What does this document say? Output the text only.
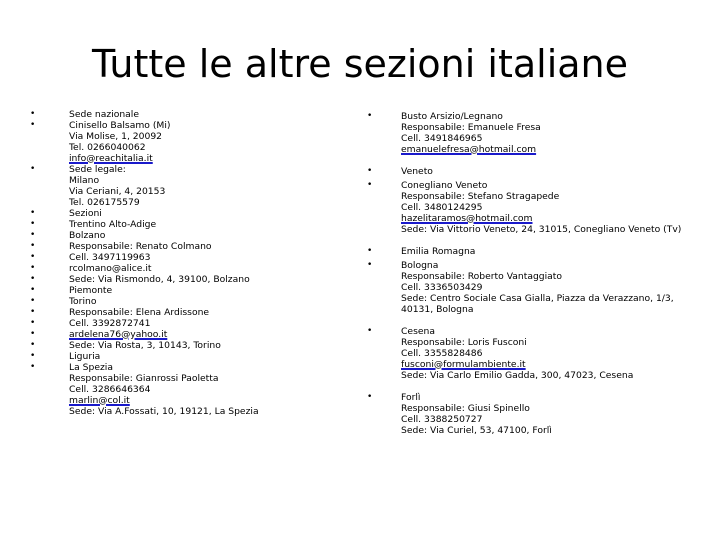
Tutte le altre sezioni italiane
•	Sede nazionale
•	Cinisello Balsamo (Mi)
Via Molise, 1, 20092
Tel. 0266040062
info@reachitalia.it
•	Sede legale:
Milano
Via Ceriani, 4, 20153
Tel. 026175579
•	Sezioni
•	Trentino Alto-Adige
•	Bolzano
•	Responsabile: Renato Colmano
•	Cell. 3497119963
•	rcolmano@alice.it
•	Sede: Via Rismondo, 4, 39100, Bolzano
•	Piemonte
•	Torino
•	Responsabile: Elena Ardissone
•	Cell. 3392872741
•	ardelena76@yahoo.it
•	Sede: Via Rosta, 3, 10143, Torino
•	Liguria
•	La Spezia
Responsabile: Gianrossi Paoletta
Cell. 3286646364
marlin@col.it
Sede: Via A.Fossati, 10, 19121, La Spezia
•	Busto Arsizio/Legnano
Responsabile: Emanuele Fresa
Cell. 3491846965
emanuelefresa@hotmail.com
•	Veneto
•	Conegliano Veneto
Responsabile: Stefano Stragapede
Cell. 3480124295
hazelitaramos@hotmail.com
Sede: Via Vittorio Veneto, 24, 31015, Conegliano Veneto (Tv)
•	Emilia Romagna
•	Bologna
Responsabile: Roberto Vantaggiato
Cell. 3336503429
Sede: Centro Sociale Casa Gialla, Piazza da Verazzano, 1/3,
40131, Bologna
•	Cesena
Responsabile: Loris Fusconi
Cell. 3355828486
fusconi@formulambiente.it
Sede: Via Carlo Emilio Gadda, 300, 47023, Cesena
•	Forlì
Responsabile: Giusi Spinello
Cell. 3388250727
Sede: Via Curiel, 53, 47100, Forlì
